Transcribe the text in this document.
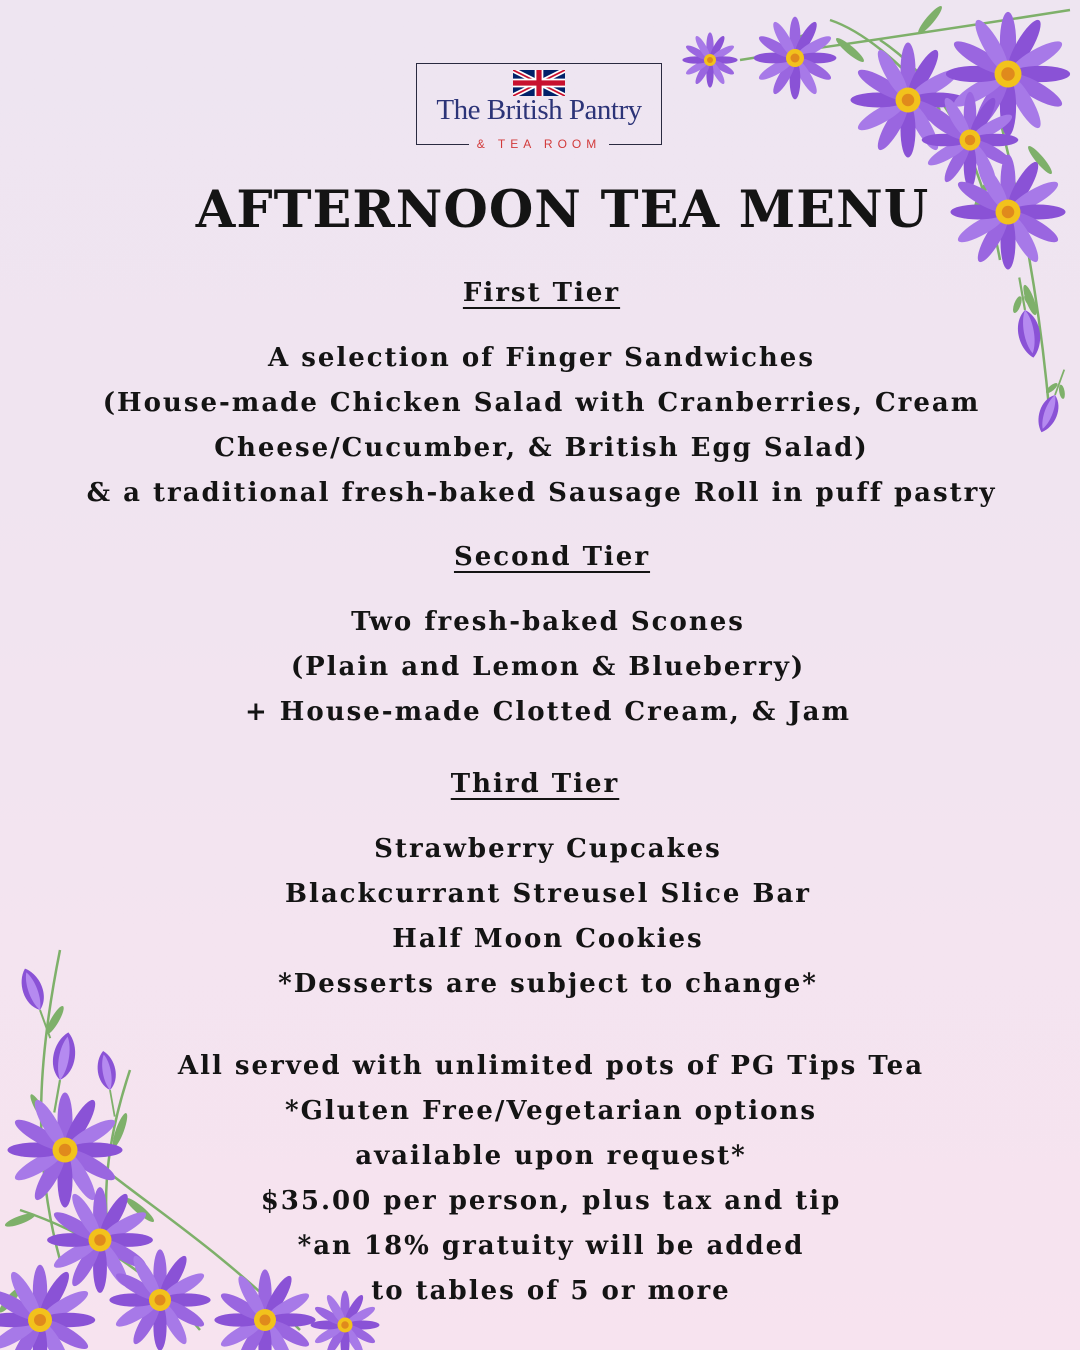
The British Pantry
& TEA ROOM
AFTERNOON TEA MENU
First Tier
A selection of Finger Sandwiches
(House-made Chicken Salad with Cranberries, Cream
Cheese/Cucumber, & British Egg Salad)
& a traditional fresh-baked Sausage Roll in puff pastry
Second Tier
Two fresh-baked Scones
(Plain and Lemon & Blueberry)
+ House-made Clotted Cream, & Jam
Third Tier
Strawberry Cupcakes
Blackcurrant Streusel Slice Bar
Half Moon Cookies
*Desserts are subject to change*
All served with unlimited pots of PG Tips Tea
*Gluten Free/Vegetarian options
available upon request*
$35.00 per person, plus tax and tip
*an 18% gratuity will be added
to tables of 5 or more
